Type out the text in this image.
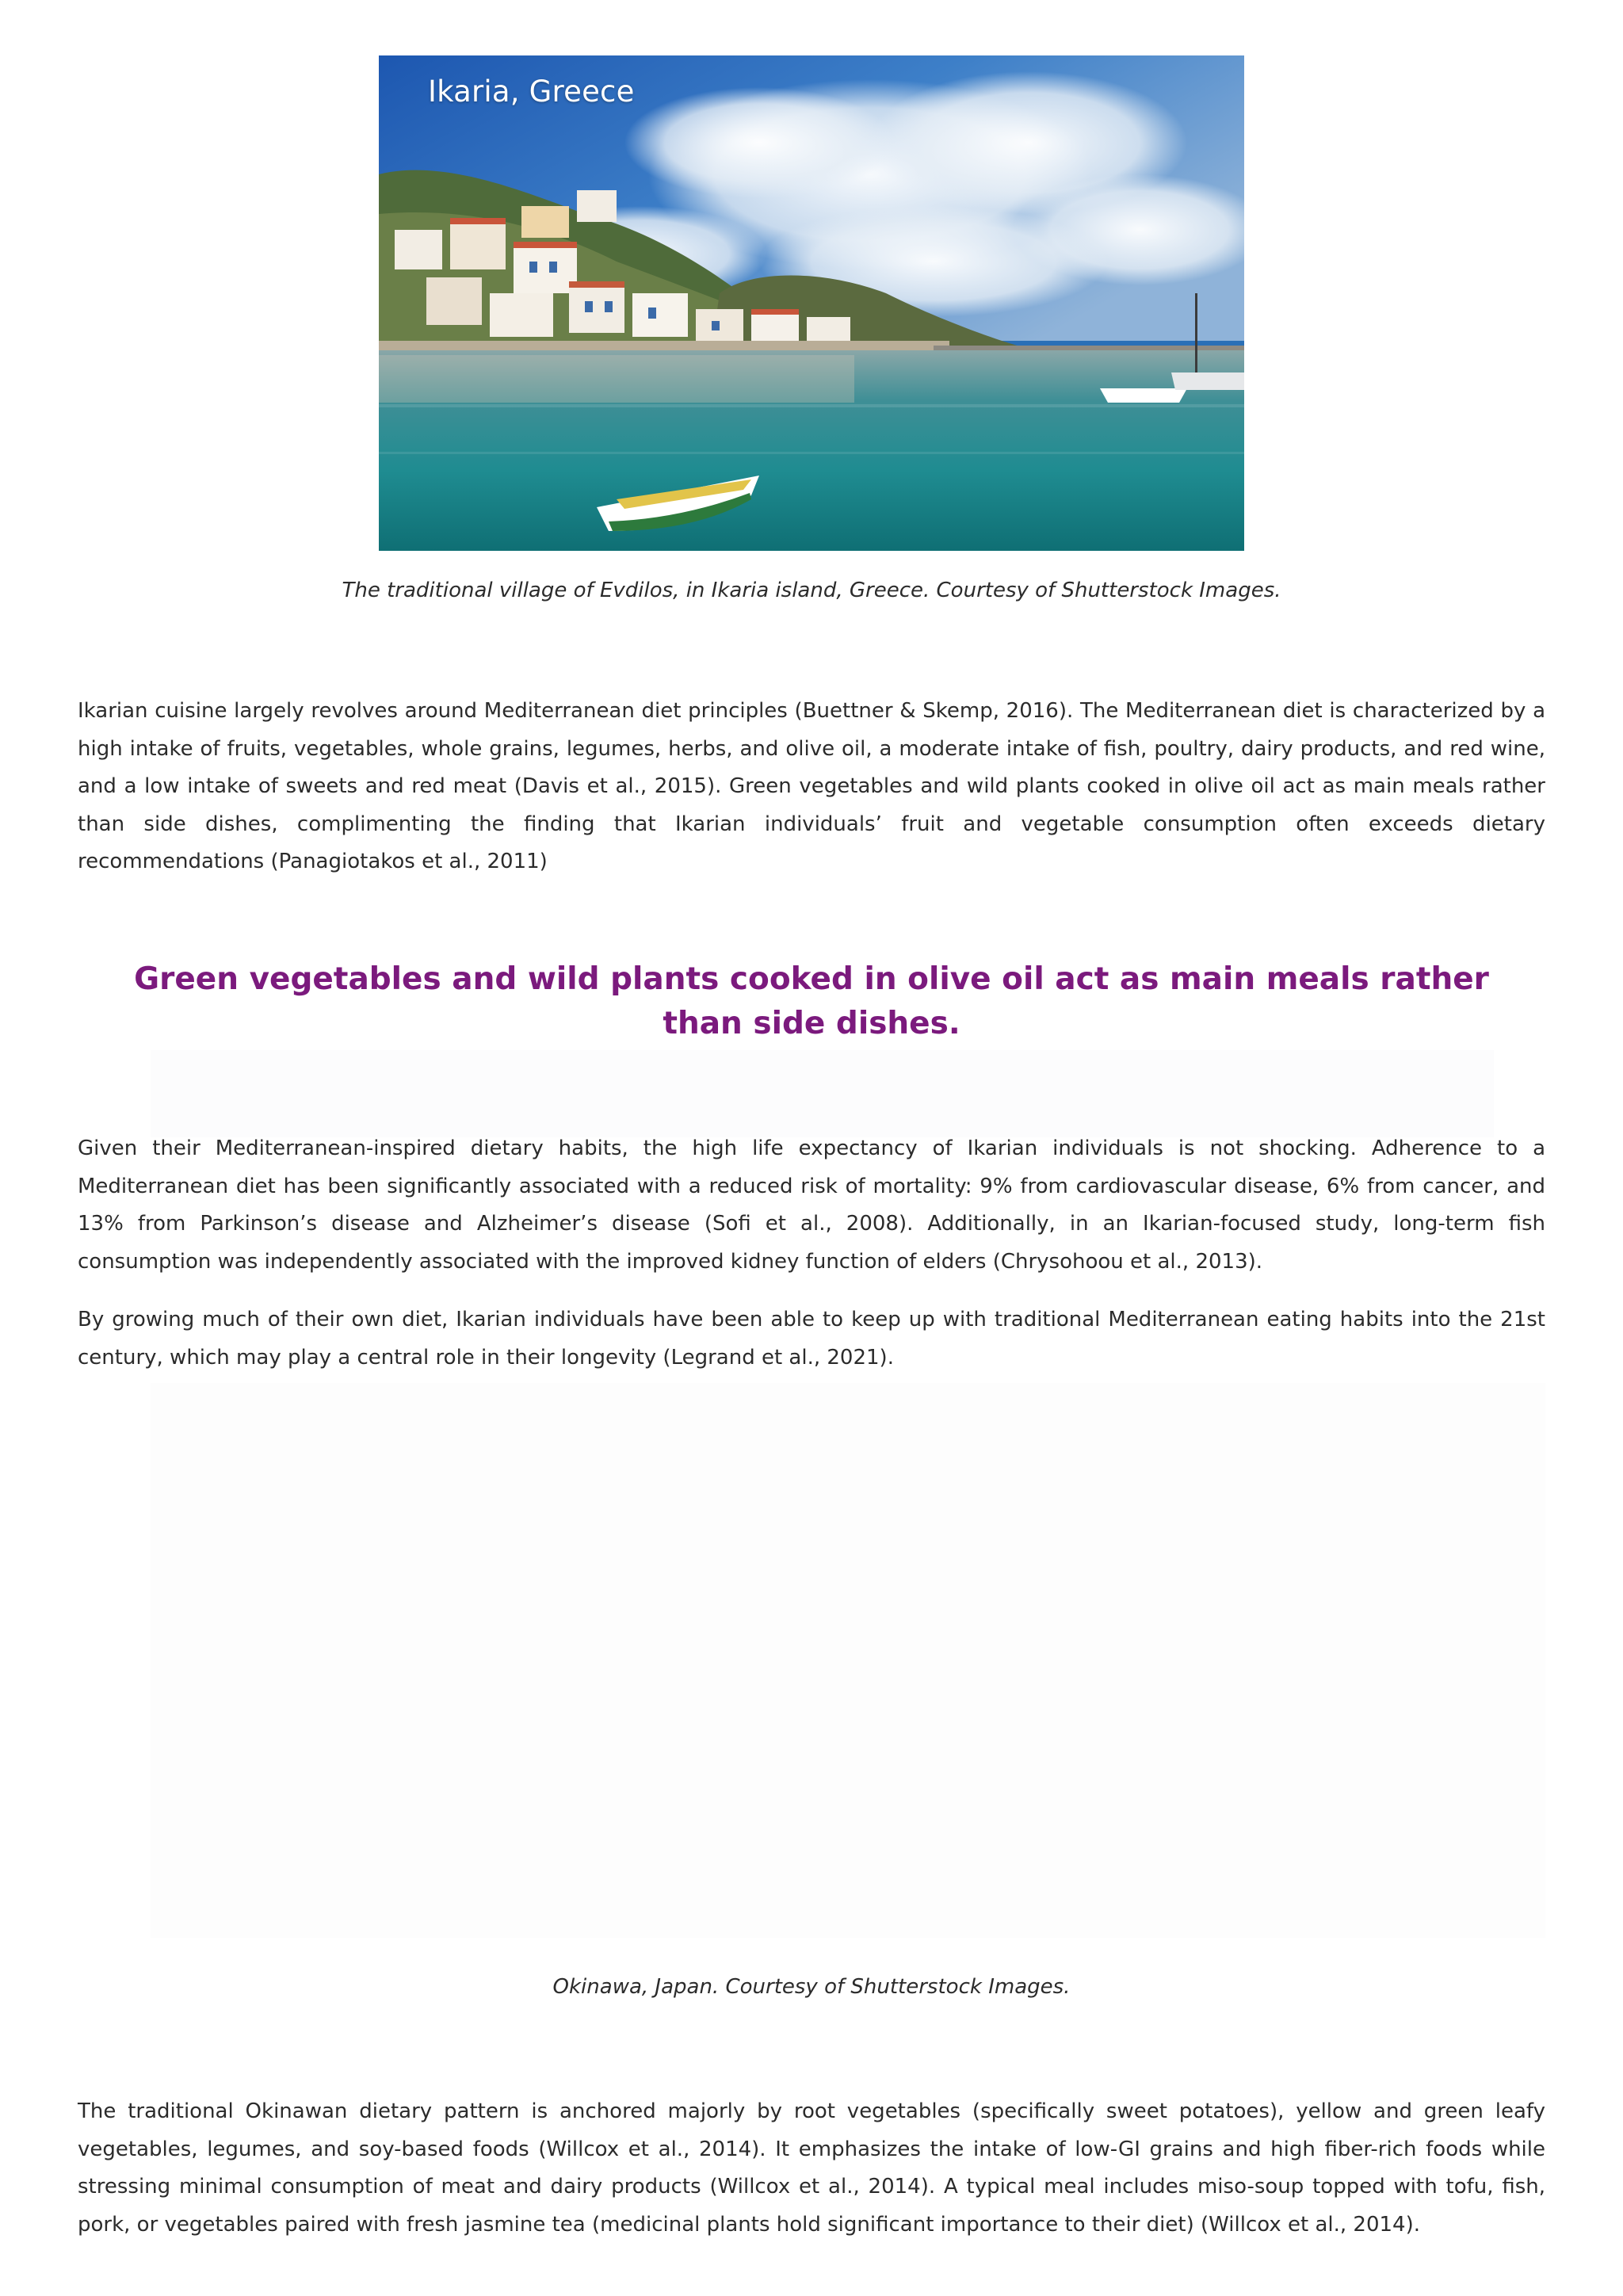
Ikaria, Greece
The traditional village of Evdilos, in Ikaria island, Greece. Courtesy of Shutterstock Images.

Ikarian cuisine largely revolves around Mediterranean diet principles (Buettner & Skemp, 2016). The Mediterranean diet is characterized by a high intake of fruits, vegetables, whole grains, legumes, herbs, and olive oil, a moderate intake of fish, poultry, dairy products, and red wine, and a low intake of sweets and red meat (Davis et al., 2015). Green vegetables and wild plants cooked in olive oil act as main meals rather than side dishes, complimenting the finding that Ikarian individuals’ fruit and vegetable consumption often exceeds dietary recommendations (Panagiotakos et al., 2011)

Green vegetables and wild plants cooked in olive oil act as main meals rather than side dishes.

Given their Mediterranean-inspired dietary habits, the high life expectancy of Ikarian individuals is not shocking. Adherence to a Mediterranean diet has been significantly associated with a reduced risk of mortality: 9% from cardiovascular disease, 6% from cancer, and 13% from Parkinson’s disease and Alzheimer’s disease (Sofi et al., 2008). Additionally, in an Ikarian-focused study, long-term fish consumption was independently associated with the improved kidney function of elders (Chrysohoou et al., 2013).

By growing much of their own diet, Ikarian individuals have been able to keep up with traditional Mediterranean eating habits into the 21st century, which may play a central role in their longevity (Legrand et al., 2021).

Okinawa, Japan. Courtesy of Shutterstock Images.

The traditional Okinawan dietary pattern is anchored majorly by root vegetables (specifically sweet potatoes), yellow and green leafy vegetables, legumes, and soy-based foods (Willcox et al., 2014). It emphasizes the intake of low-GI grains and high fiber-rich foods while stressing minimal consumption of meat and dairy products (Willcox et al., 2014). A typical meal includes miso-soup topped with tofu, fish, pork, or vegetables paired with fresh jasmine tea (medicinal plants hold significant importance to their diet) (Willcox et al., 2014).
